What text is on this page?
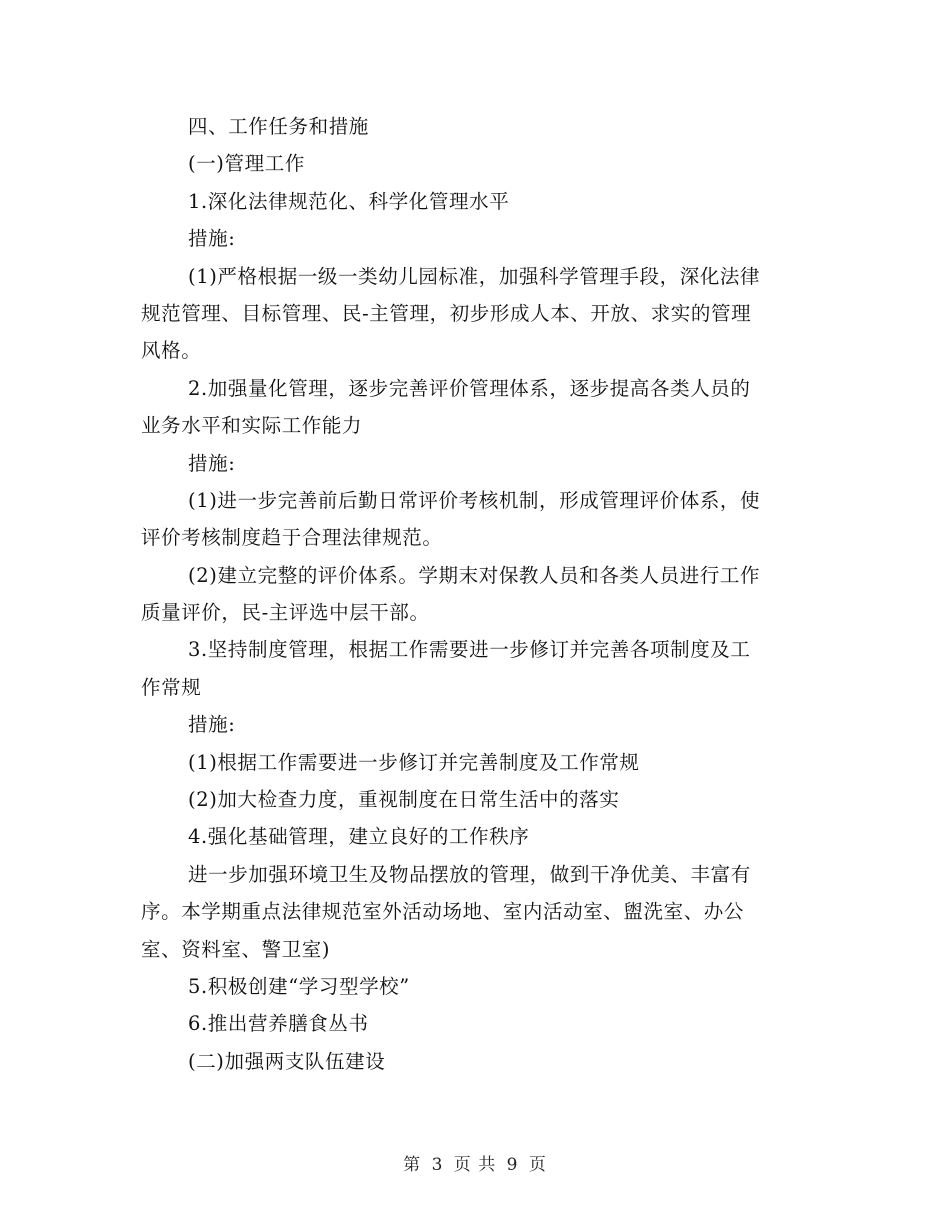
四、工作任务和措施
(一)管理工作
1.深化法律规范化、科学化管理水平
措施:
(1)严格根据一级一类幼儿园标准，加强科学管理手段，深化法律
规范管理、目标管理、民-主管理，初步形成人本、开放、求实的管理
风格。
2.加强量化管理，逐步完善评价管理体系，逐步提高各类人员的
业务水平和实际工作能力
措施:
(1)进一步完善前后勤日常评价考核机制，形成管理评价体系，使
评价考核制度趋于合理法律规范。
(2)建立完整的评价体系。学期末对保教人员和各类人员进行工作
质量评价，民-主评选中层干部。
3.坚持制度管理，根据工作需要进一步修订并完善各项制度及工
作常规
措施:
(1)根据工作需要进一步修订并完善制度及工作常规
(2)加大检查力度，重视制度在日常生活中的落实
4.强化基础管理，建立良好的工作秩序
进一步加强环境卫生及物品摆放的管理，做到干净优美、丰富有
序。本学期重点法律规范室外活动场地、室内活动室、盥洗室、办公
室、资料室、警卫室)
5.积极创建“学习型学校”
6.推出营养膳食丛书
(二)加强两支队伍建设
第 3 页 共 9 页
